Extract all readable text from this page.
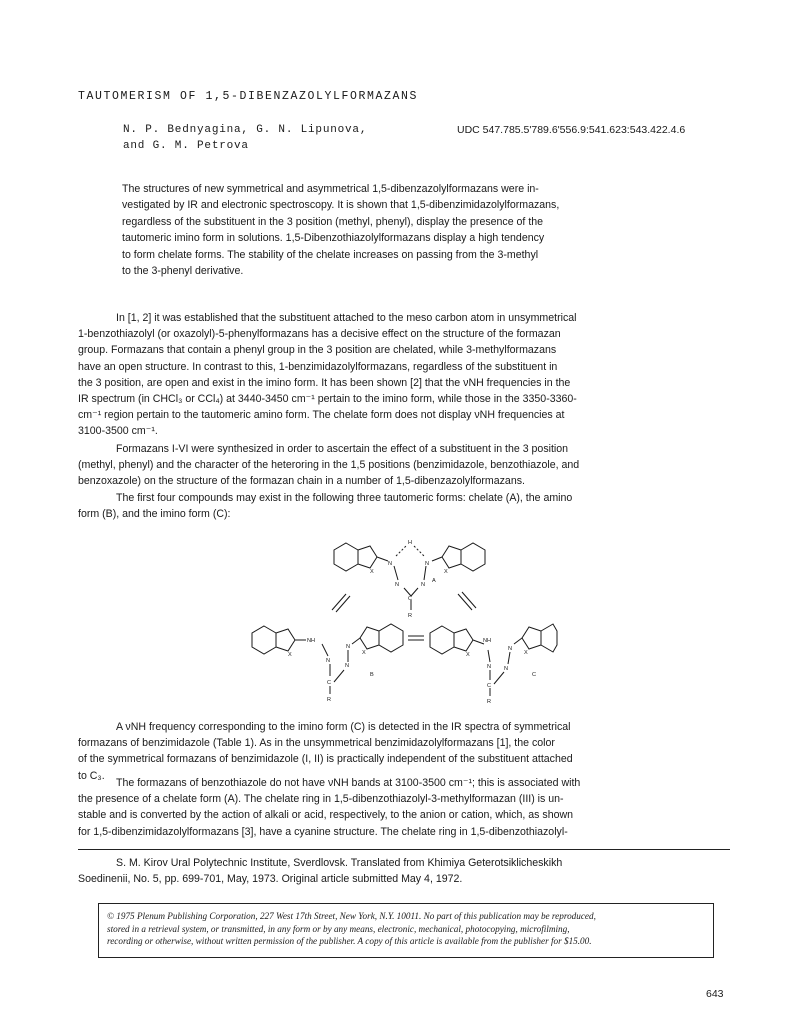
TAUTOMERISM OF 1,5-DIBENZAZOLYLFORMAZANS
N. P. Bednyagina, G. N. Lipunova,
and G. M. Petrova
UDC 547.785.5'789.6'556.9:541.623:543.422.4.6
The structures of new symmetrical and asymmetrical 1,5-dibenzazolylformazans were in-
vestigated by IR and electronic spectroscopy. It is shown that 1,5-dibenzimidazolylformazans,
regardless of the substituent in the 3 position (methyl, phenyl), display the presence of the
tautomeric imino form in solutions. 1,5-Dibenzothiazolylformazans display a high tendency
to form chelate forms. The stability of the chelate increases on passing from the 3-methyl
to the 3-phenyl derivative.
In [1, 2] it was established that the substituent attached to the meso carbon atom in unsymmetrical
1-benzothiazolyl (or oxazolyl)-5-phenylformazans has a decisive effect on the structure of the formazan
group. Formazans that contain a phenyl group in the 3 position are chelated, while 3-methylformazans
have an open structure. In contrast to this, 1-benzimidazolylformazans, regardless of the substituent in
the 3 position, are open and exist in the imino form. It has been shown [2] that the νNH frequencies in the
IR spectrum (in CHCl₃ or CCl₄) at 3440-3450 cm⁻¹ pertain to the imino form, while those in the 3350-3360-
cm⁻¹ region pertain to the tautomeric amino form. The chelate form does not display νNH frequencies at
3100-3500 cm⁻¹.
Formazans I-VI were synthesized in order to ascertain the effect of a substituent in the 3 position
(methyl, phenyl) and the character of the heteroring in the 1,5 positions (benzimidazole, benzothiazole, and
benzoxazole) on the structure of the formazan chain in a number of 1,5-dibenzazolylformazans.
The first four compounds may exist in the following three tautomeric forms: chelate (A), the amino
form (B), and the imino form (C):
X
N
H
N	N
N
C
R
X
A
X
NH
N
C
N
N
X
R
B
X
NH
N
C
N
N
X
R
C
A νNH frequency corresponding to the imino form (C) is detected in the IR spectra of symmetrical
formazans of benzimidazole (Table 1). As in the unsymmetrical benzimidazolylformazans [1], the color
of the symmetrical formazans of benzimidazole (I, II) is practically independent of the substituent attached
to C₃.
The formazans of benzothiazole do not have νNH bands at 3100-3500 cm⁻¹; this is associated with
the presence of a chelate form (A). The chelate ring in 1,5-dibenzothiazolyl-3-methylformazan (III) is un-
stable and is converted by the action of alkali or acid, respectively, to the anion or cation, which, as shown
for 1,5-dibenzimidazolylformazans [3], have a cyanine structure. The chelate ring in 1,5-dibenzothiazolyl-
S. M. Kirov Ural Polytechnic Institute, Sverdlovsk. Translated from Khimiya Geterotsiklicheskikh
Soedinenii, No. 5, pp. 699-701, May, 1973. Original article submitted May 4, 1972.
© 1975 Plenum Publishing Corporation, 227 West 17th Street, New York, N.Y. 10011. No part of this publication may be reproduced,
stored in a retrieval system, or transmitted, in any form or by any means, electronic, mechanical, photocopying, microfilming,
recording or otherwise, without written permission of the publisher. A copy of this article is available from the publisher for $15.00.
643
